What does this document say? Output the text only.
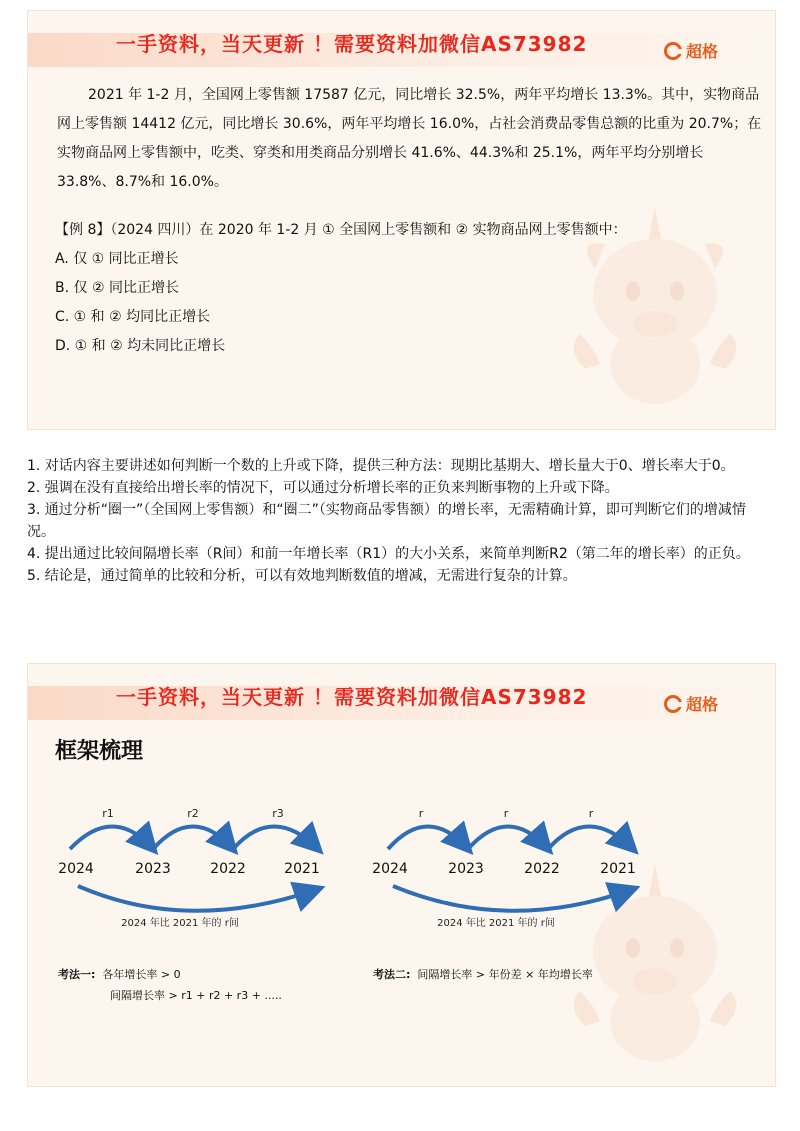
一手资料，当天更新 ！需要资料加微信AS73982	超格

2021 年 1-2 月，全国网上零售额 17587 亿元，同比增长 32.5%，两年平均增长 13.3%。其中，实物商品网上零售额 14412 亿元，同比增长 30.6%，两年平均增长 16.0%，占社会消费品零售总额的比重为 20.7%；在实物商品网上零售额中，吃类、穿类和用类商品分别增长 41.6%、44.3%和 25.1%，两年平均分别增长 33.8%、8.7%和 16.0%。

【例 8】（2024 四川）在 2020 年 1-2 月 ① 全国网上零售额和 ② 实物商品网上零售额中：
A. 仅 ① 同比正增长
B. 仅 ② 同比正增长
C. ① 和 ② 均同比正增长
D. ① 和 ② 均未同比正增长
1. 对话内容主要讲述如何判断一个数的上升或下降，提供三种方法：现期比基期大、增长量大于0、增长率大于0。
2. 强调在没有直接给出增长率的情况下，可以通过分析增长率的正负来判断事物的上升或下降。
3. 通过分析“圈一”（全国网上零售额）和“圈二”（实物商品零售额）的增长率，无需精确计算，即可判断它们的增减情况。
4. 提出通过比较间隔增长率（R间）和前一年增长率（R1）的大小关系，来简单判断R2（第二年的增长率）的正负。
5. 结论是，通过简单的比较和分析，可以有效地判断数值的增减，无需进行复杂的计算。
一手资料，当天更新 ！需要资料加微信AS73982	超格
框架梳理
r1	r2	r3
2024	2023	2022	2021
2024 年比 2021 年的 r间
r	r	r
2024	2023	2022	2021
2024 年比 2021 年的 r间
考法一: 各年增长率 > 0
间隔增长率 > r1 + r2 + r3 + .....
考法二: 间隔增长率 > 年份差 × 年均增长率
